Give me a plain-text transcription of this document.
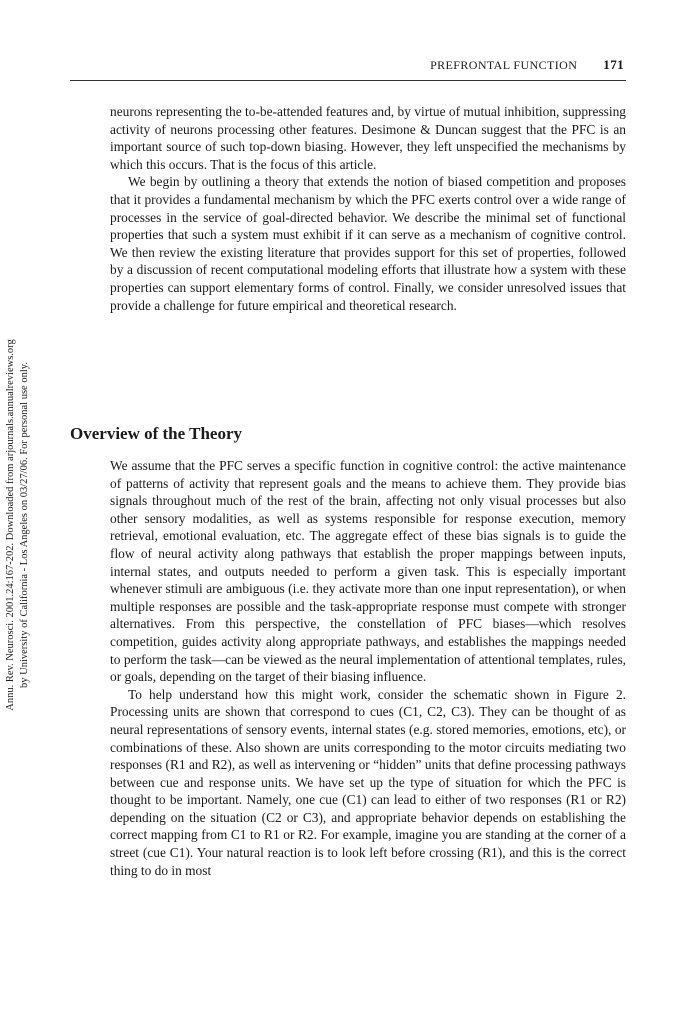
PREFRONTAL FUNCTION 171
Annu. Rev. Neurosci. 2001.24:167-202. Downloaded from arjournals.annualreviews.org by University of California - Los Angeles on 03/27/06. For personal use only.

neurons representing the to-be-attended features and, by virtue of mutual inhibition, suppressing activity of neurons processing other features. Desimone & Duncan suggest that the PFC is an important source of such top-down biasing. However, they left unspecified the mechanisms by which this occurs. That is the focus of this article.

We begin by outlining a theory that extends the notion of biased competition and proposes that it provides a fundamental mechanism by which the PFC exerts control over a wide range of processes in the service of goal-directed behavior. We describe the minimal set of functional properties that such a system must exhibit if it can serve as a mechanism of cognitive control. We then review the existing literature that provides support for this set of properties, followed by a discussion of recent computational modeling efforts that illustrate how a system with these properties can support elementary forms of control. Finally, we consider unresolved issues that provide a challenge for future empirical and theoretical research.

Overview of the Theory

We assume that the PFC serves a specific function in cognitive control: the active maintenance of patterns of activity that represent goals and the means to achieve them. They provide bias signals throughout much of the rest of the brain, affecting not only visual processes but also other sensory modalities, as well as systems responsible for response execution, memory retrieval, emotional evaluation, etc. The aggregate effect of these bias signals is to guide the flow of neural activity along pathways that establish the proper mappings between inputs, internal states, and outputs needed to perform a given task. This is especially important whenever stimuli are ambiguous (i.e. they activate more than one input representation), or when multiple responses are possible and the task-appropriate response must compete with stronger alternatives. From this perspective, the constellation of PFC biases—which resolves competition, guides activity along appropriate pathways, and establishes the mappings needed to perform the task—can be viewed as the neural implementation of attentional templates, rules, or goals, depending on the target of their biasing influence.

To help understand how this might work, consider the schematic shown in Figure 2. Processing units are shown that correspond to cues (C1, C2, C3). They can be thought of as neural representations of sensory events, internal states (e.g. stored memories, emotions, etc), or combinations of these. Also shown are units corresponding to the motor circuits mediating two responses (R1 and R2), as well as intervening or “hidden” units that define processing pathways between cue and response units. We have set up the type of situation for which the PFC is thought to be important. Namely, one cue (C1) can lead to either of two responses (R1 or R2) depending on the situation (C2 or C3), and appropriate behavior depends on establishing the correct mapping from C1 to R1 or R2. For example, imagine you are standing at the corner of a street (cue C1). Your natural reaction is to look left before crossing (R1), and this is the correct thing to do in most
